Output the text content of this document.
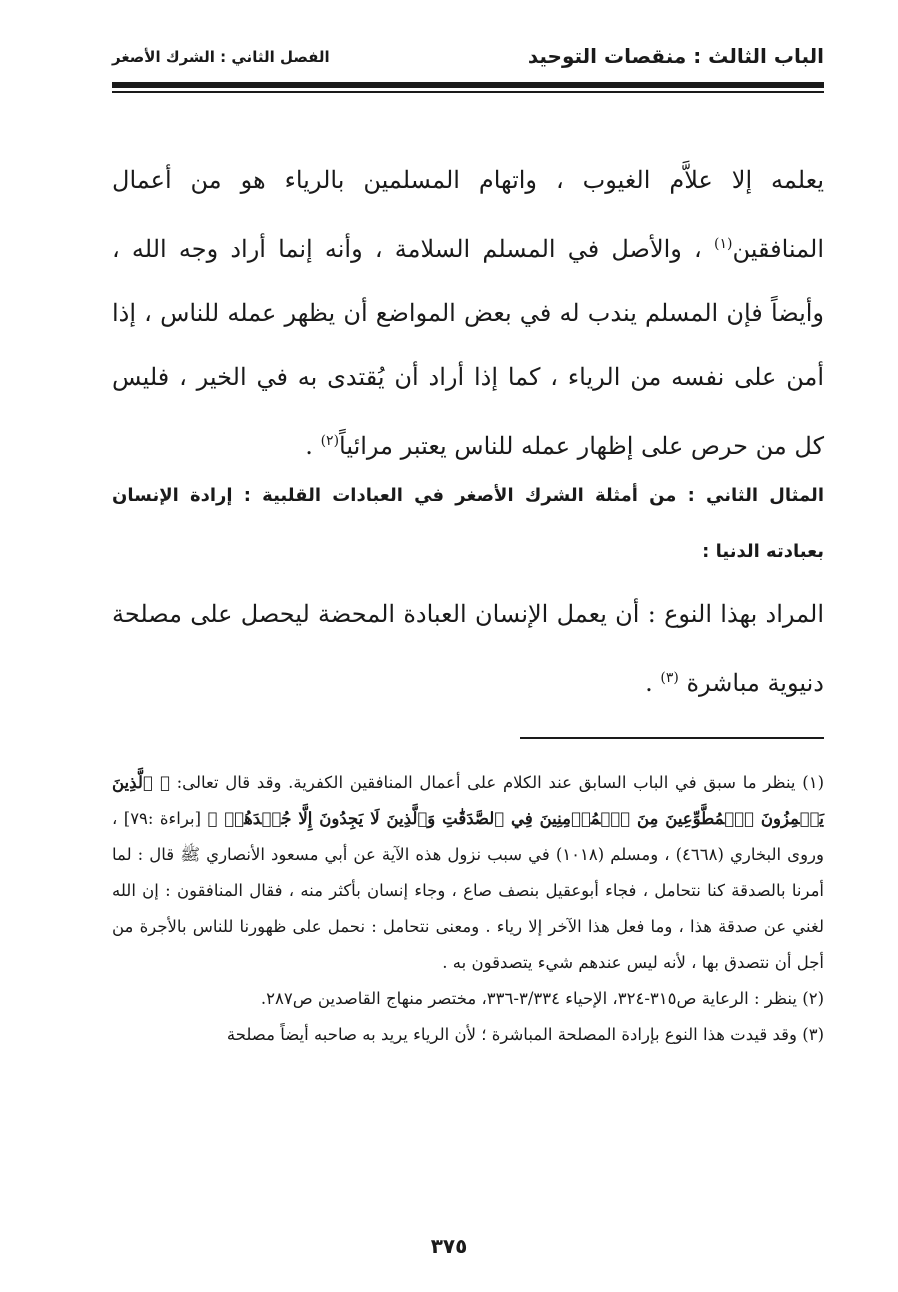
الباب الثالث : منقصات التوحيد
الفصل الثاني : الشرك الأصغر
يعلمه إلا علاَّم الغيوب ، واتهام المسلمين بالرياء هو من أعمال المنافقين$^{(١)}$ ، والأصل في المسلم السلامة ، وأنه إنما أراد وجه الله ، وأيضاً فإن المسلم يندب له في بعض المواضع أن يظهر عمله للناس ، إذا أمن على نفسه من الرياء ، كما إذا أراد أن يُقتدى به في الخير ، فليس كل من حرص على إظهار عمله للناس يعتبر مرائياً$^{(٢)}$ .
المثال الثاني : من أمثلة الشرك الأصغر في العبادات القلبية : إرادة الإنسان بعبادته الدنيا :
المراد بهذا النوع : أن يعمل الإنسان العبادة المحضة ليحصل على مصلحة دنيوية مباشرة $^{(٣)}$ .

(١) ينظر ما سبق في الباب السابق عند الكلام على أعمال المنافقين الكفرية. وقد قال تعالى: ﴿ ٱلَّذِينَ يَلۡمِزُونَ ٱلۡمُطَّوِّعِينَ مِنَ ٱلۡمُؤۡمِنِينَ فِي ٱلصَّدَقَٰتِ وَٱلَّذِينَ لَا يَجِدُونَ إِلَّا جُهۡدَهُمۡ ﴾ [براءة :٧٩] ، وروى البخاري (٤٦٦٨) ، ومسلم (١٠١٨) في سبب نزول هذه الآية عن أبي مسعود الأنصاري ﷺ قال : لما أمرنا بالصدقة كنا نتحامل ، فجاء أبوعقيل بنصف صاع ، وجاء إنسان بأكثر منه ، فقال المنافقون : إن الله لغني عن صدقة هذا ، وما فعل هذا الآخر إلا رياء . ومعنى نتحامل : نحمل على ظهورنا للناس بالأجرة من أجل أن نتصدق بها ، لأنه ليس عندهم شيء يتصدقون به .

(٢) ينظر : الرعاية ص٣١٥-٣٢٤، الإحياء ٣/٣٣٤-٣٣٦، مختصر منهاج القاصدين ص٢٨٧.

(٣) وقد قيدت هذا النوع بإرادة المصلحة المباشرة ؛ لأن الرياء يريد به صاحبه أيضاً مصلحة

٣٧٥
